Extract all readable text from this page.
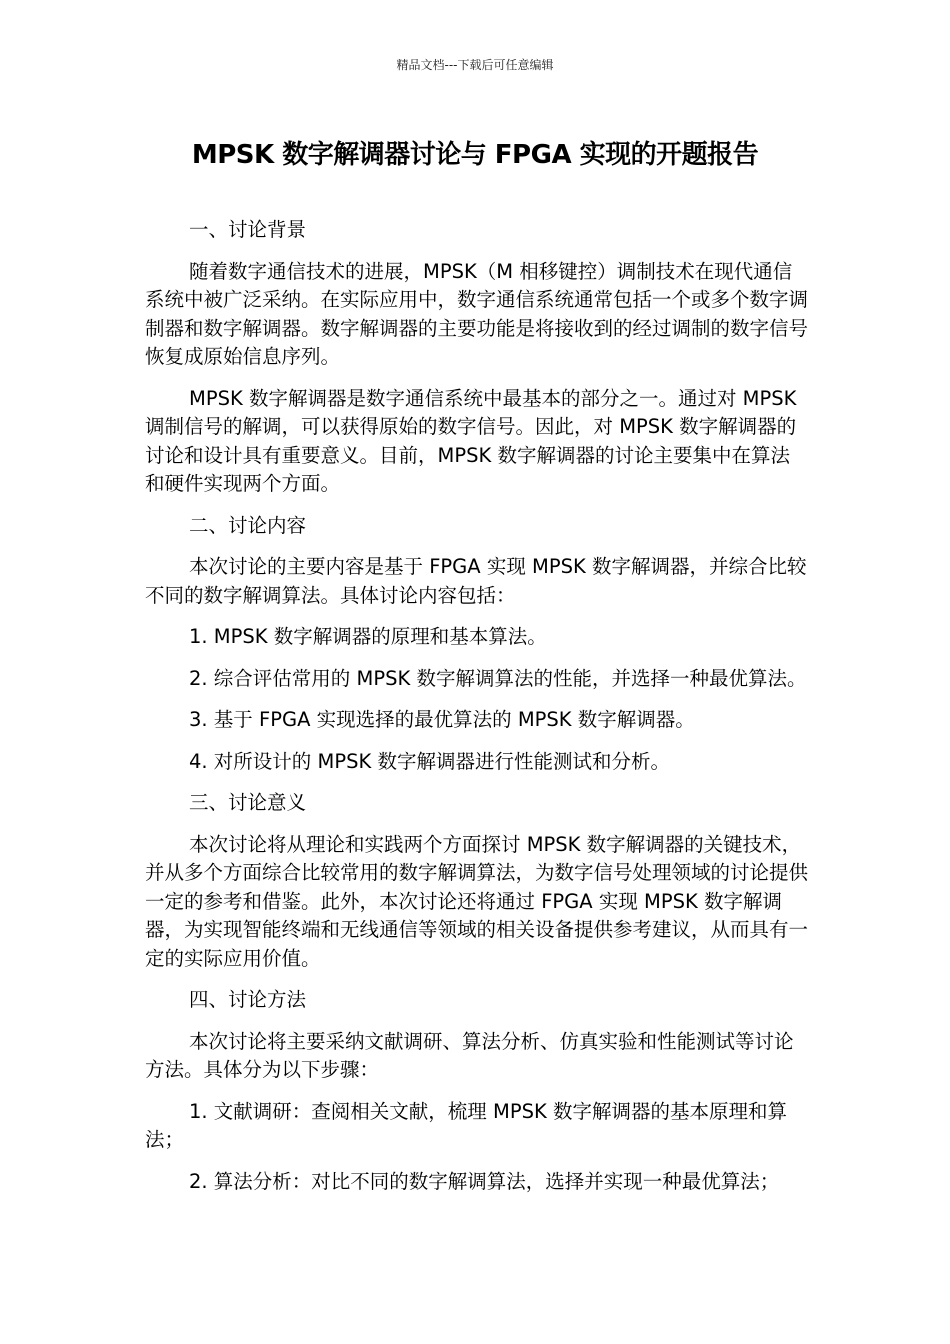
精品文档---下载后可任意编辑
MPSK 数字解调器讨论与 FPGA 实现的开题报告
一、讨论背景
随着数字通信技术的进展，MPSK（M 相移键控）调制技术在现代通信系统中被广泛采纳。在实际应用中，数字通信系统通常包括一个或多个数字调制器和数字解调器。数字解调器的主要功能是将接收到的经过调制的数字信号恢复成原始信息序列。
MPSK 数字解调器是数字通信系统中最基本的部分之一。通过对 MPSK 调制信号的解调，可以获得原始的数字信号。因此，对 MPSK 数字解调器的讨论和设计具有重要意义。目前，MPSK 数字解调器的讨论主要集中在算法和硬件实现两个方面。
二、讨论内容
本次讨论的主要内容是基于 FPGA 实现 MPSK 数字解调器，并综合比较不同的数字解调算法。具体讨论内容包括：
1. MPSK 数字解调器的原理和基本算法。
2. 综合评估常用的 MPSK 数字解调算法的性能，并选择一种最优算法。
3. 基于 FPGA 实现选择的最优算法的 MPSK 数字解调器。
4. 对所设计的 MPSK 数字解调器进行性能测试和分析。
三、讨论意义
本次讨论将从理论和实践两个方面探讨 MPSK 数字解调器的关键技术，并从多个方面综合比较常用的数字解调算法，为数字信号处理领域的讨论提供一定的参考和借鉴。此外，本次讨论还将通过 FPGA 实现 MPSK 数字解调器，为实现智能终端和无线通信等领域的相关设备提供参考建议，从而具有一定的实际应用价值。
四、讨论方法
本次讨论将主要采纳文献调研、算法分析、仿真实验和性能测试等讨论方法。具体分为以下步骤：
1. 文献调研：查阅相关文献，梳理 MPSK 数字解调器的基本原理和算法；
2. 算法分析：对比不同的数字解调算法，选择并实现一种最优算法；
